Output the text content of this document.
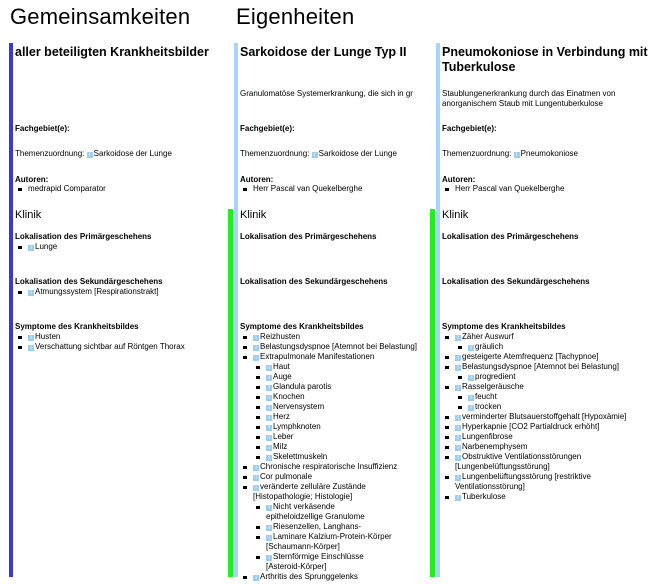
Gemeinsamkeiten Eigenheiten
aller beteiligten Krankheitsbilder
Fachgebiet(e):
Themenzuordnung: i Sarkoidose der Lunge
Autoren:
medrapid Comparator
Klinik
Lokalisation des Primärgeschehens
i Lunge
Lokalisation des Sekundärgeschehens
i Atmungssystem [Respirationstrakt]
Symptome des Krankheitsbildes
i Husten
i Verschattung sichtbar auf Röntgen Thorax
Sarkoidose der Lunge Typ II
Granulomatöse Systemerkrankung, die sich in gr
Fachgebiet(e):
Themenzuordnung: i Sarkoidose der Lunge
Autoren:
Herr Pascal van Quekelberghe
Klinik
Lokalisation des Primärgeschehens
Lokalisation des Sekundärgeschehens
Symptome des Krankheitsbildes
i Reizhusten
i Belastungsdyspnoe [Atemnot bei Belastung]
i Extrapulmonale Manifestationen
i Haut
i Auge
i Glandula parotis
i Knochen
i Nervensystem
i Herz
i Lymphknoten
i Leber
i Milz
i Skelettmuskeln
i Chronische respiratorische Insuffizienz
i Cor pulmonale
i veränderte zelluläre Zustände [Histopathologie; Histologie]
i Nicht verkäsende epitheloidzellige Granulome
i Riesenzellen, Langhans-
i Laminare Kalzium-Protein-Körper [Schaumann-Körper]
i Sternförmige Einschlüsse [Asteroid-Körper]
i Arthritis des Sprunggelenks
Pneumokoniose in Verbindung mit Tuberkulose
Staublungenerkrankung durch das Einatmen von anorganischem Staub mit Lungentuberkulose
Fachgebiet(e):
Themenzuordnung: i Pneumokoniose
Autoren:
Herr Pascal van Quekelberghe
Klinik
Lokalisation des Primärgeschehens
Lokalisation des Sekundärgeschehens
Symptome des Krankheitsbildes
i Zäher Auswurf
i gräulich
i gesteigerte Atemfrequenz [Tachypnoe]
i Belastungsdyspnoe [Atemnot bei Belastung]
i progredient
i Rasselgeräusche
i feucht
i trocken
i verminderter Blutsauerstoffgehalt [Hypoxämie]
i Hyperkapnie [CO2 Partialdruck erhöht]
i Lungenfibrose
i Narbenemphysem
i Obstruktive Ventilationsstörungen [Lungenbelüftungsstörung]
i Lungenbelüftungsstörung [restriktive Ventilationsstörung]
i Tuberkulose
